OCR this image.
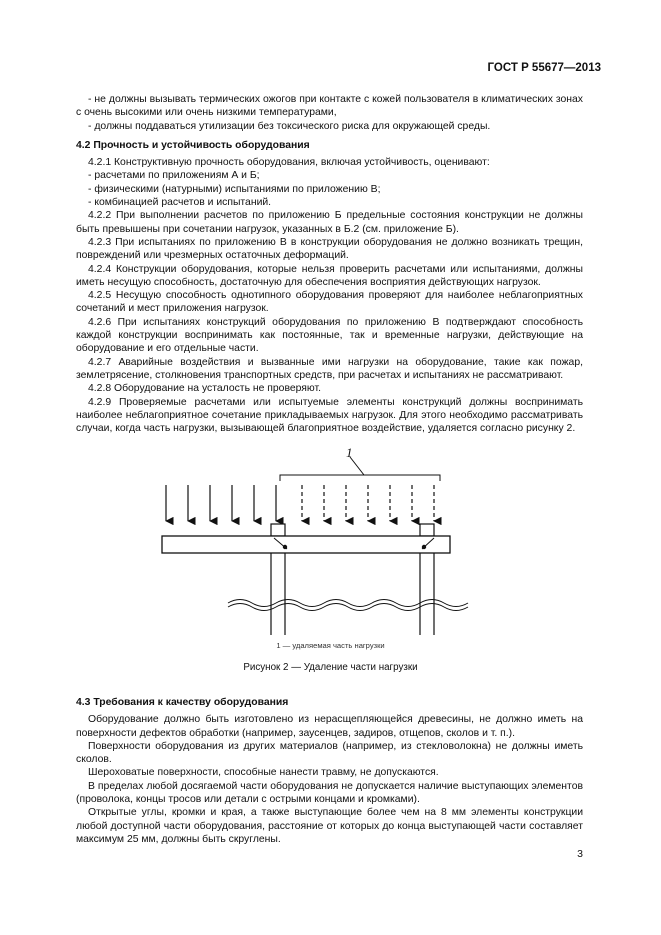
ГОСТ Р 55677—2013

- не должны вызывать термических ожогов при контакте с кожей пользователя в климатических зонах с очень высокими или очень низкими температурами,

- должны поддаваться утилизации без токсического риска для окружающей среды.

4.2 Прочность и устойчивость оборудования

4.2.1 Конструктивную прочность оборудования, включая устойчивость, оценивают:

- расчетами по приложениям А и Б;

- физическими (натурными) испытаниями по приложению В;

- комбинацией расчетов и испытаний.

4.2.2 При выполнении расчетов по приложению Б предельные состояния конструкции не должны быть превышены при сочетании нагрузок, указанных в Б.2 (см. приложение Б).

4.2.3 При испытаниях по приложению В в конструкции оборудования не должно возникать трещин, повреждений или чрезмерных остаточных деформаций.

4.2.4 Конструкции оборудования, которые нельзя проверить расчетами или испытаниями, должны иметь несущую способность, достаточную для обеспечения восприятия действующих нагрузок.

4.2.5 Несущую способность однотипного оборудования проверяют для наиболее неблагоприятных сочетаний и мест приложения нагрузок.

4.2.6 При испытаниях конструкций оборудования по приложению В подтверждают способность каждой конструкции воспринимать как постоянные, так и временные нагрузки, действующие на оборудование и его отдельные части.

4.2.7 Аварийные воздействия и вызванные ими нагрузки на оборудование, такие как пожар, землетрясение, столкновения транспортных средств, при расчетах и испытаниях не рассматривают.

4.2.8 Оборудование на усталость не проверяют.

4.2.9 Проверяемые расчетами или испытуемые элементы конструкций должны воспринимать наиболее неблагоприятное сочетание прикладываемых нагрузок. Для этого необходимо рассматривать случаи, когда часть нагрузки, вызывающей благоприятное воздействие, удаляется согласно рисунку 2.

1
1 — удаляемая часть нагрузки
Рисунок 2 — Удаление части нагрузки

4.3 Требования к качеству оборудования

Оборудование должно быть изготовлено из нерасщепляющейся древесины, не должно иметь на поверхности дефектов обработки (например, заусенцев, задиров, отщепов, сколов и т. п.).

Поверхности оборудования из других материалов (например, из стекловолокна) не должны иметь сколов.

Шероховатые поверхности, способные нанести травму, не допускаются.

В пределах любой досягаемой части оборудования не допускается наличие выступающих элементов (проволока, концы тросов или детали с острыми концами и кромками).

Открытые углы, кромки и края, а также выступающие более чем на 8 мм элементы конструкции любой доступной части оборудования, расстояние от которых до конца выступающей части составляет максимум 25 мм, должны быть скруглены.

3
